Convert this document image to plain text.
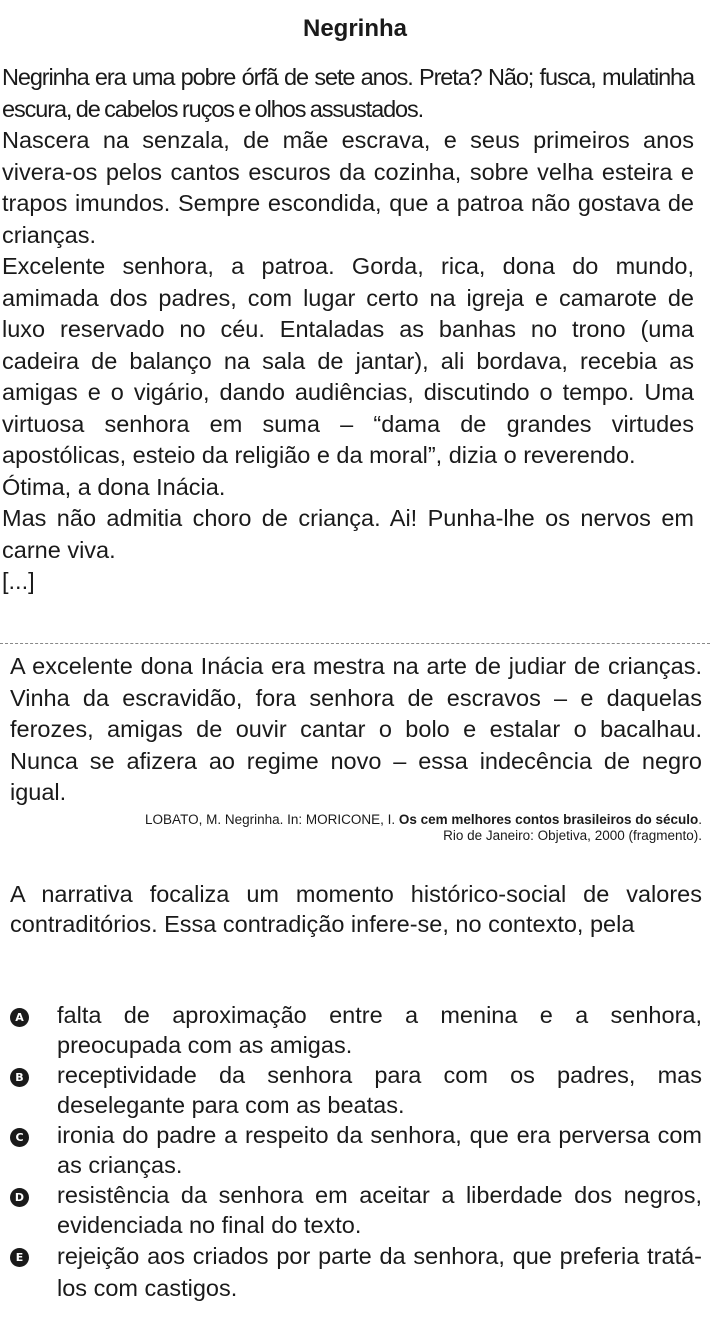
Negrinha

Negrinha era uma pobre órfã de sete anos. Preta? Não; fusca, mulatinha escura, de cabelos ruços e olhos assustados.

Nascera na senzala, de mãe escrava, e seus primeiros anos vivera-os pelos cantos escuros da cozinha, sobre velha esteira e trapos imundos. Sempre escondida, que a patroa não gostava de crianças.

Excelente senhora, a patroa. Gorda, rica, dona do mundo, amimada dos padres, com lugar certo na igreja e camarote de luxo reservado no céu. Entaladas as banhas no trono (uma cadeira de balanço na sala de jantar), ali bordava, recebia as amigas e o vigário, dando audiências, discutindo o tempo. Uma virtuosa senhora em suma – “dama de grandes virtudes apostólicas, esteio da religião e da moral”, dizia o reverendo.

Ótima, a dona Inácia.

Mas não admitia choro de criança. Ai! Punha-lhe os nervos em carne viva.

[...]

A excelente dona Inácia era mestra na arte de judiar de crianças. Vinha da escravidão, fora senhora de escravos – e daquelas ferozes, amigas de ouvir cantar o bolo e estalar o bacalhau. Nunca se afizera ao regime novo – essa indecência de negro igual.

LOBATO, M. Negrinha. In: MORICONE, I. Os cem melhores contos brasileiros do século.
Rio de Janeiro: Objetiva, 2000 (fragmento).
A narrativa focaliza um momento histórico-social de valores contraditórios. Essa contradição infere-se, no contexto, pela
A falta de aproximação entre a menina e a senhora, preocupada com as amigas.
B receptividade da senhora para com os padres, mas deselegante para com as beatas.
C ironia do padre a respeito da senhora, que era perversa com as crianças.
D resistência da senhora em aceitar a liberdade dos negros, evidenciada no final do texto.
E rejeição aos criados por parte da senhora, que preferia tratá-los com castigos.
